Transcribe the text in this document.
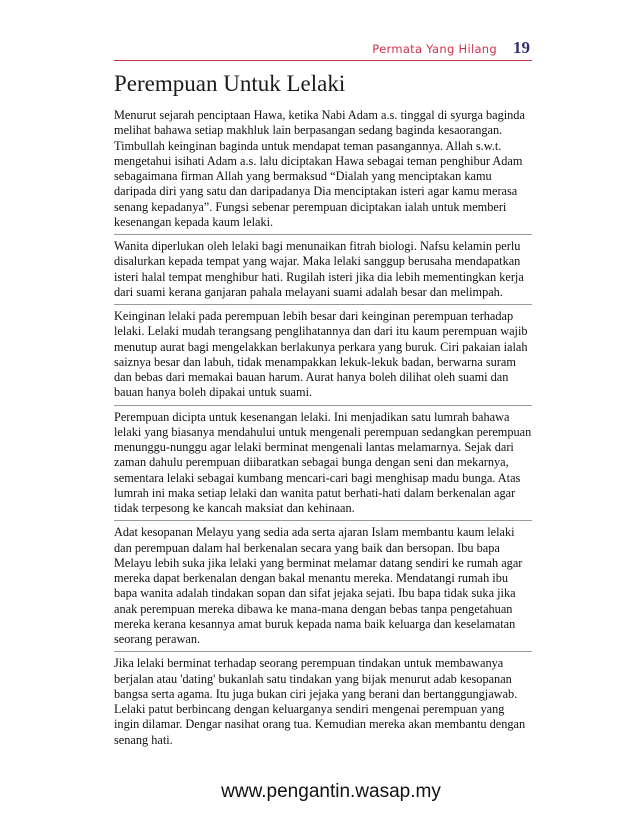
Permata Yang Hilang 19
Perempuan Untuk Lelaki

Menurut sejarah penciptaan Hawa, ketika Nabi Adam a.s. tinggal di syurga baginda melihat bahawa setiap makhluk lain berpasangan sedang baginda kesaorangan. Timbullah keinginan baginda untuk mendapat teman pasangannya. Allah s.w.t. mengetahui isihati Adam a.s. lalu diciptakan Hawa sebagai teman penghibur Adam sebagaimana firman Allah yang bermaksud “Dialah yang menciptakan kamu daripada diri yang satu dan daripadanya Dia menciptakan isteri agar kamu merasa senang kepadanya”. Fungsi sebenar perempuan diciptakan ialah untuk memberi kesenangan kepada kaum lelaki.

Wanita diperlukan oleh lelaki bagi menunaikan fitrah biologi. Nafsu kelamin perlu disalurkan kepada tempat yang wajar. Maka lelaki sanggup berusaha mendapatkan isteri halal tempat menghibur hati. Rugilah isteri jika dia lebih mementingkan kerja dari suami kerana ganjaran pahala melayani suami adalah besar dan melimpah.

Keinginan lelaki pada perempuan lebih besar dari keinginan perempuan terhadap lelaki. Lelaki mudah terangsang penglihatannya dan dari itu kaum perempuan wajib menutup aurat bagi mengelakkan berlakunya perkara yang buruk. Ciri pakaian ialah saiznya besar dan labuh, tidak menampakkan lekuk-lekuk badan, berwarna suram dan bebas dari memakai bauan harum. Aurat hanya boleh dilihat oleh suami dan bauan hanya boleh dipakai untuk suami.

Perempuan dicipta untuk kesenangan lelaki. Ini menjadikan satu lumrah bahawa lelaki yang biasanya mendahului untuk mengenali perempuan sedangkan perempuan menunggu-nunggu agar lelaki berminat mengenali lantas melamarnya. Sejak dari zaman dahulu perempuan diibaratkan sebagai bunga dengan seni dan mekarnya, sementara lelaki sebagai kumbang mencari-cari bagi menghisap madu bunga. Atas lumrah ini maka setiap lelaki dan wanita patut berhati-hati dalam berkenalan agar tidak terpesong ke kancah maksiat dan kehinaan.

Adat kesopanan Melayu yang sedia ada serta ajaran Islam membantu kaum lelaki dan perempuan dalam hal berkenalan secara yang baik dan bersopan. Ibu bapa Melayu lebih suka jika lelaki yang berminat melamar datang sendiri ke rumah agar mereka dapat berkenalan dengan bakal menantu mereka. Mendatangi rumah ibu bapa wanita adalah tindakan sopan dan sifat jejaka sejati. Ibu bapa tidak suka jika anak perempuan mereka dibawa ke mana-mana dengan bebas tanpa pengetahuan mereka kerana kesannya amat buruk kepada nama baik keluarga dan keselamatan seorang perawan.

Jika lelaki berminat terhadap seorang perempuan tindakan untuk membawanya berjalan atau 'dating' bukanlah satu tindakan yang bijak menurut adab kesopanan bangsa serta agama. Itu juga bukan ciri jejaka yang berani dan bertanggungjawab. Lelaki patut berbincang dengan keluarganya sendiri mengenai perempuan yang ingin dilamar. Dengar nasihat orang tua. Kemudian mereka akan membantu dengan senang hati.

www.pengantin.wasap.my
